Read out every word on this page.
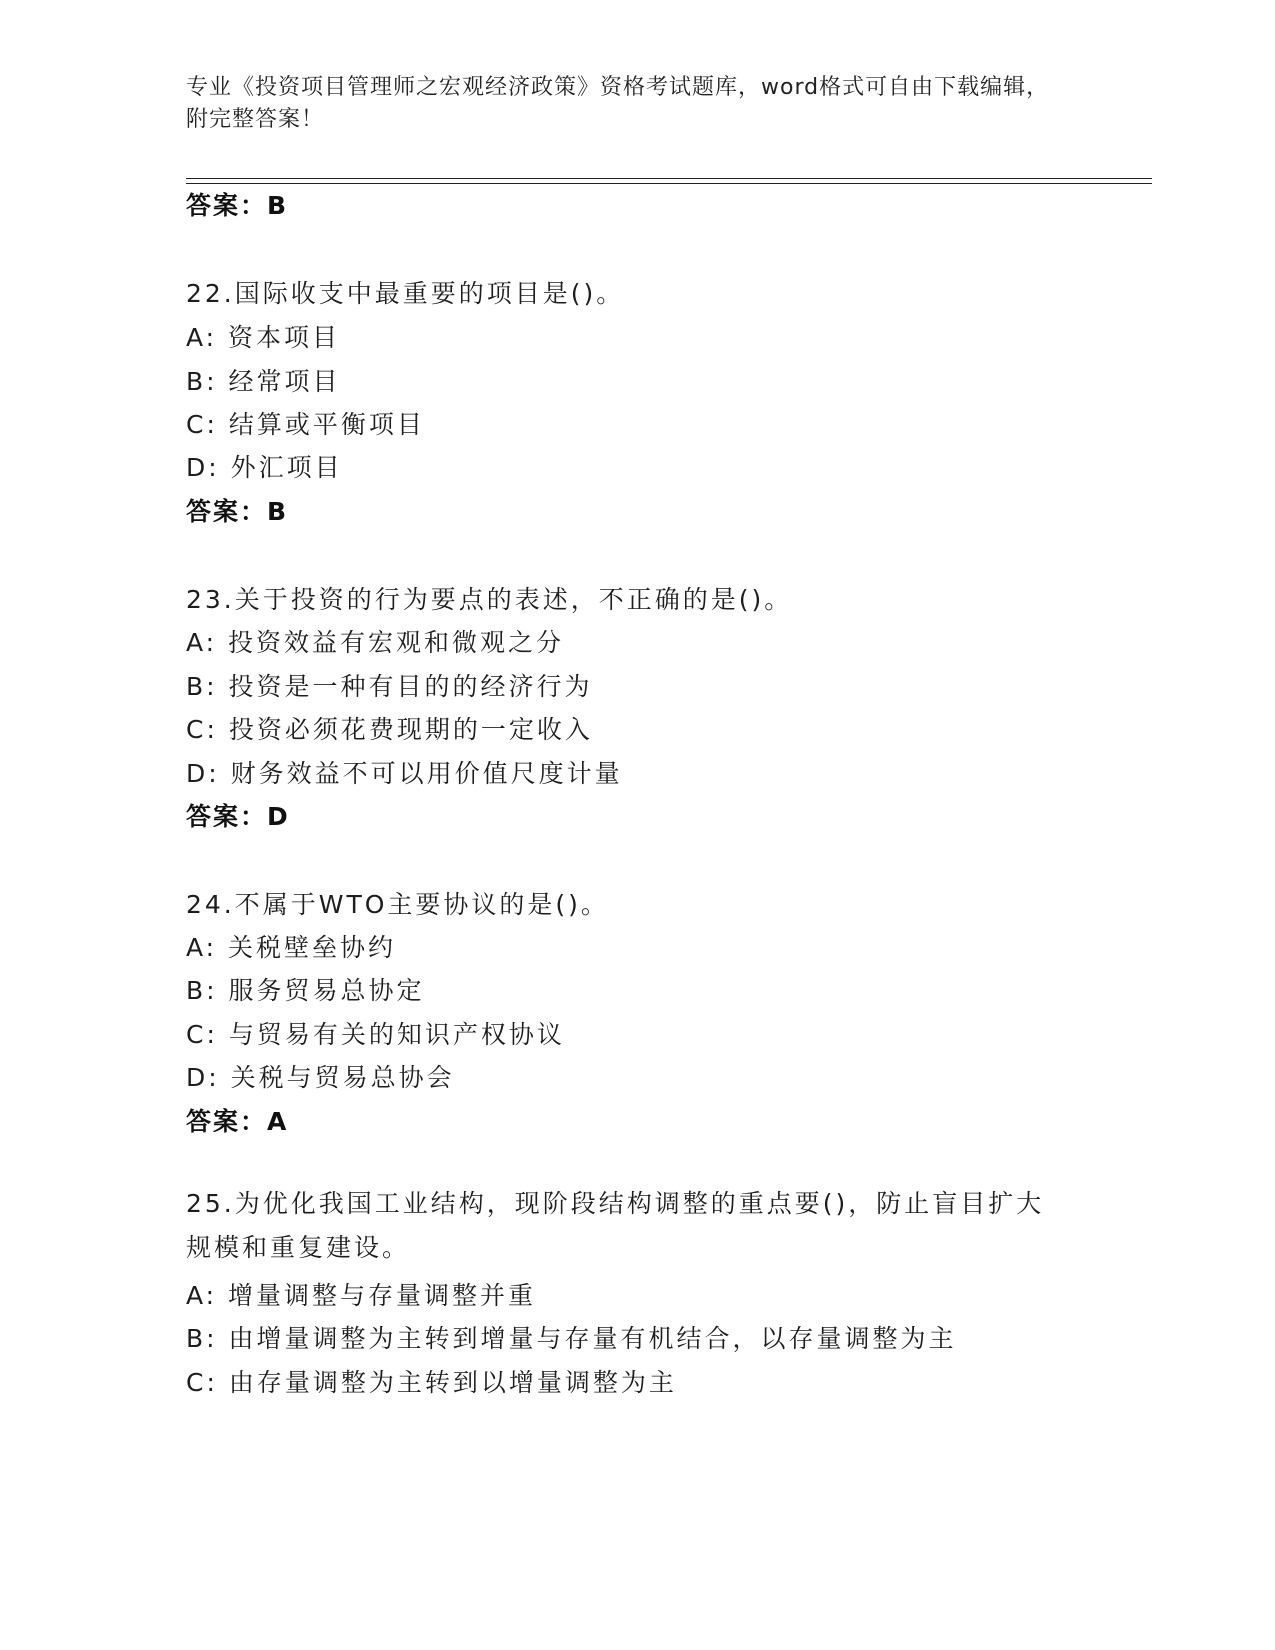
专业《投资项目管理师之宏观经济政策》资格考试题库，word格式可自由下载编辑，附完整答案！
答案：B
22.国际收支中最重要的项目是()。
A: 资本项目
B: 经常项目
C: 结算或平衡项目
D: 外汇项目
答案：B
23.关于投资的行为要点的表述，不正确的是()。
A: 投资效益有宏观和微观之分
B: 投资是一种有目的的经济行为
C: 投资必须花费现期的一定收入
D: 财务效益不可以用价值尺度计量
答案：D
24.不属于WTO主要协议的是()。
A: 关税壁垒协约
B: 服务贸易总协定
C: 与贸易有关的知识产权协议
D: 关税与贸易总协会
答案：A
25.为优化我国工业结构，现阶段结构调整的重点要()，防止盲目扩大规模和重复建设。
A: 增量调整与存量调整并重
B: 由增量调整为主转到增量与存量有机结合，以存量调整为主
C: 由存量调整为主转到以增量调整为主
